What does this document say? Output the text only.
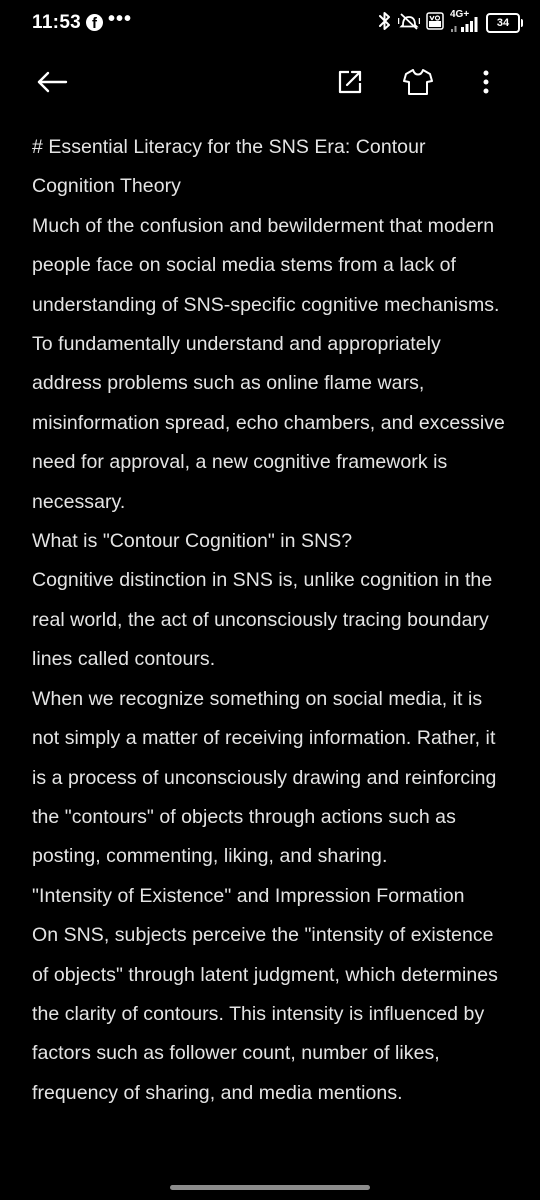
11:53 f •••	4G+
34

# Essential Literacy for the SNS Era: Contour Cognition Theory

Much of the confusion and bewilderment that modern people face on social media stems from a lack of understanding of SNS-specific cognitive mechanisms. To fundamentally understand and appropriately address problems such as online flame wars, misinformation spread, echo chambers, and excessive need for approval, a new cognitive framework is necessary.

What is "Contour Cognition" in SNS?

Cognitive distinction in SNS is, unlike cognition in the real world, the act of unconsciously tracing boundary lines called contours.

When we recognize something on social media, it is not simply a matter of receiving information. Rather, it is a process of unconsciously drawing and reinforcing the "contours" of objects through actions such as posting, commenting, liking, and sharing.

"Intensity of Existence" and Impression Formation

On SNS, subjects perceive the "intensity of existence of objects" through latent judgment, which determines the clarity of contours. This intensity is influenced by factors such as follower count, number of likes, frequency of sharing, and media mentions.
